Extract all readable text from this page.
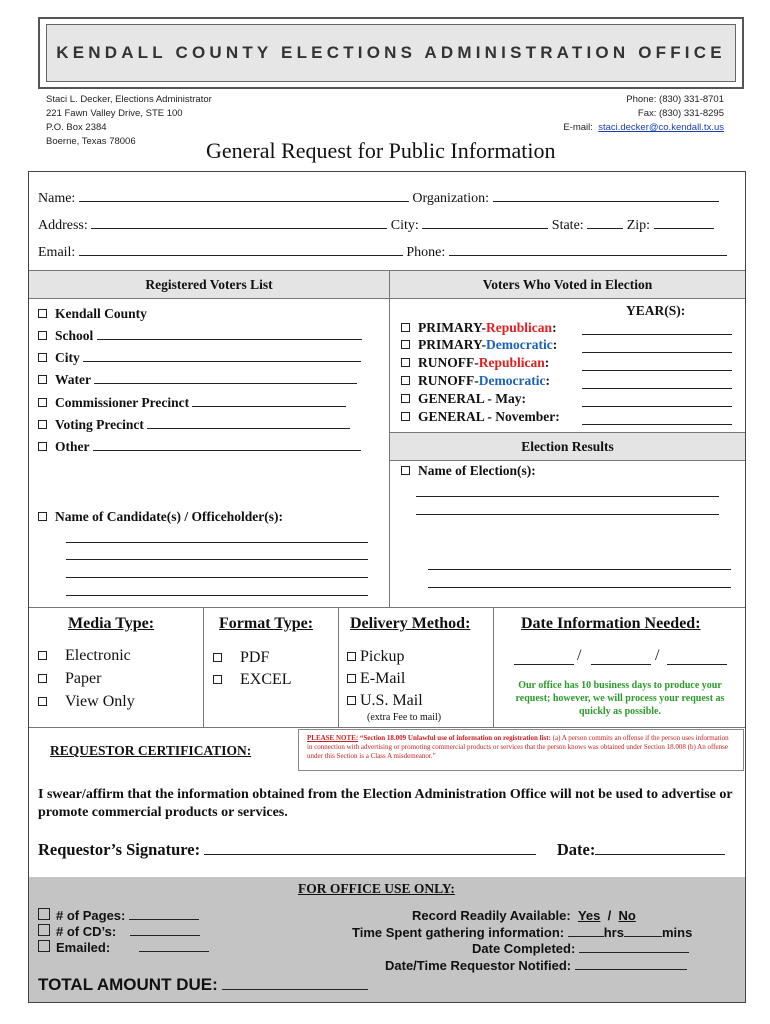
KENDALL COUNTY ELECTIONS ADMINISTRATION OFFICE
Staci L. Decker, Elections Administrator
221 Fawn Valley Drive, STE 100
P.O. Box 2384
Boerne, Texas 78006
Phone: (830) 331-8701
Fax: (830) 331-8295
E-mail: staci.decker@co.kendall.tx.us
General Request for Public Information
Name:	Organization:
Address:	City:	State:	Zip:
Email:	Phone:
Registered Voters List	Voters Who Voted in Election
Kendall County
School
City
Water
Commissioner Precinct
Voting Precinct
Other
Name of Candidate(s) / Officeholder(s):
YEAR(S):
PRIMARY-Republican:
PRIMARY-Democratic:
RUNOFF-Republican:
RUNOFF-Democratic:
GENERAL - May:
GENERAL - November:
Election Results
Name of Election(s):
Media Type:
Electronic
Paper
View Only
Format Type:
PDF
EXCEL
Delivery Method:
Pickup
E-Mail
U.S. Mail
(extra Fee to mail)
Date Information Needed:
/	/
Our office has 10 business days to produce your request; however, we will process your request as quickly as possible.
REQUESTOR CERTIFICATION:
PLEASE NOTE: “Section 18.009 Unlawful use of information on registration list: (a) A person commits an offense if the person uses information in connection with advertising or promoting commercial products or services that the person knows was obtained under Section 18.008 (b) An offense under this Section is a Class A misdemeanor.”
I swear/affirm that the information obtained from the Election Administration Office will not be used to advertise or promote commercial products or services.
Requestor’s Signature:	Date:
FOR OFFICE USE ONLY:
# of Pages:
# of CD’s:
Emailed:
Record Readily Available: Yes / No
Time Spent gathering information:	hrs	mins
Date Completed:
Date/Time Requestor Notified:
TOTAL AMOUNT DUE:
